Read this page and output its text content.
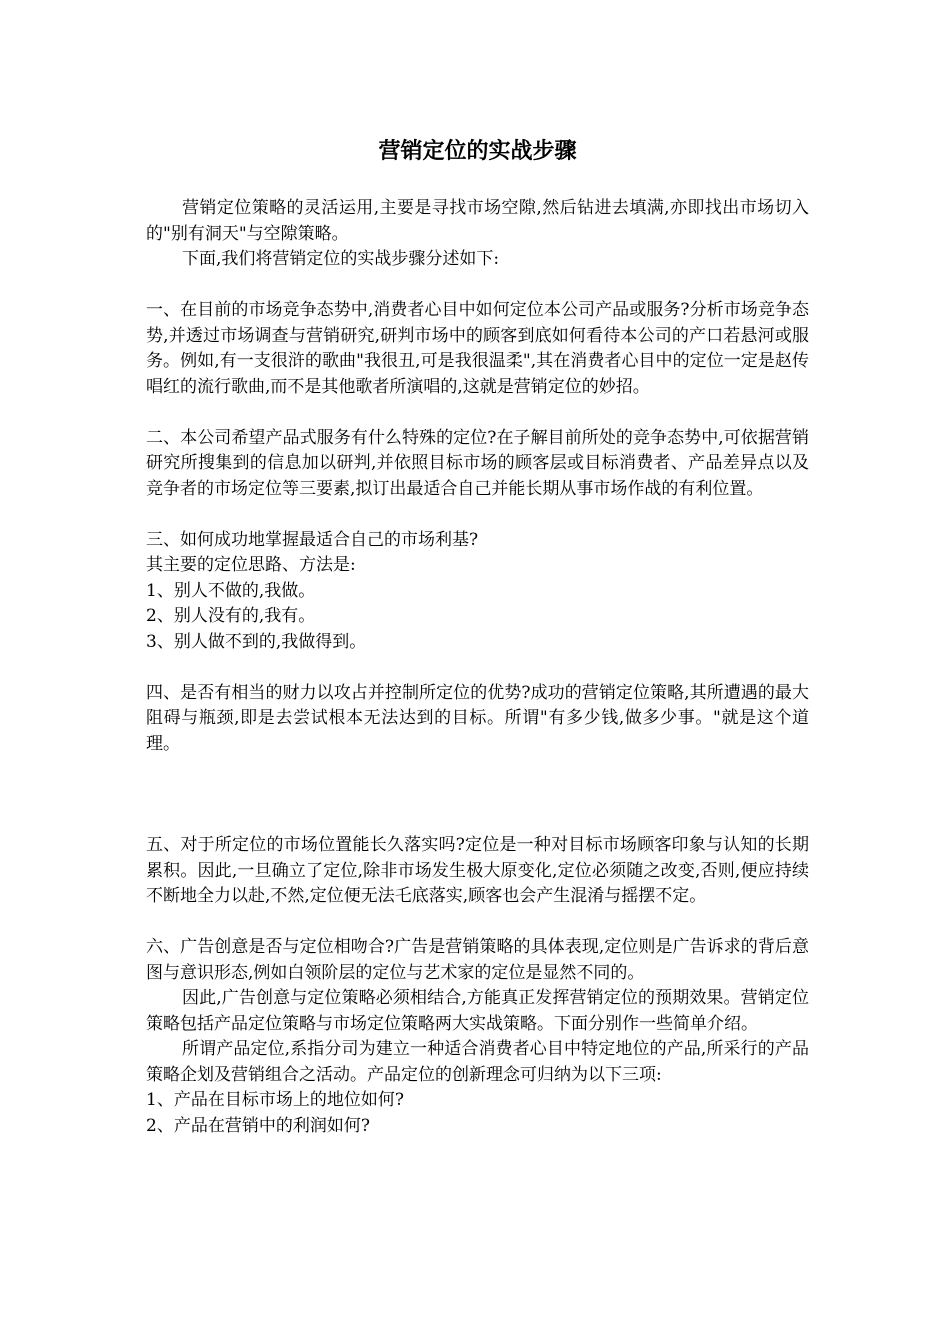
营销定位的实战步骤

营销定位策略的灵活运用,主要是寻找市场空隙,然后钻进去填满,亦即找出市场切入的"别有洞天"与空隙策略。

下面,我们将营销定位的实战步骤分述如下:

一、在目前的市场竞争态势中,消费者心目中如何定位本公司产品或服务?分析市场竞争态势,并透过市场调查与营销研究,研判市场中的顾客到底如何看待本公司的产口若悬河或服务。例如,有一支很浒的歌曲"我很丑,可是我很温柔",其在消费者心目中的定位一定是赵传唱红的流行歌曲,而不是其他歌者所演唱的,这就是营销定位的妙招。

二、本公司希望产品式服务有什么特殊的定位?在子解目前所处的竞争态势中,可依据营销研究所搜集到的信息加以研判,并依照目标市场的顾客层或目标消费者、产品差异点以及竞争者的市场定位等三要素,拟订出最适合自己并能长期从事市场作战的有利位置。

三、如何成功地掌握最适合自己的市场利基?

其主要的定位思路、方法是:

1、别人不做的,我做。

2、别人没有的,我有。

3、别人做不到的,我做得到。

四、是否有相当的财力以攻占并控制所定位的优势?成功的营销定位策略,其所遭遇的最大阻碍与瓶颈,即是去尝试根本无法达到的目标。所谓"有多少钱,做多少事。"就是这个道理。

五、对于所定位的市场位置能长久落实吗?定位是一种对目标市场顾客印象与认知的长期累积。因此,一旦确立了定位,除非市场发生极大原变化,定位必须随之改变,否则,便应持续不断地全力以赴,不然,定位便无法乇底落实,顾客也会产生混淆与摇摆不定。

六、广告创意是否与定位相吻合?广告是营销策略的具体表现,定位则是广告诉求的背后意图与意识形态,例如白领阶层的定位与艺术家的定位是显然不同的。

因此,广告创意与定位策略必须相结合,方能真正发挥营销定位的预期效果。营销定位策略包括产品定位策略与市场定位策略两大实战策略。下面分别作一些简单介绍。

所谓产品定位,系指分司为建立一种适合消费者心目中特定地位的产品,所采行的产品策略企划及营销组合之活动。产品定位的创新理念可归纳为以下三项:

1、产品在目标市场上的地位如何?

2、产品在营销中的利润如何?
